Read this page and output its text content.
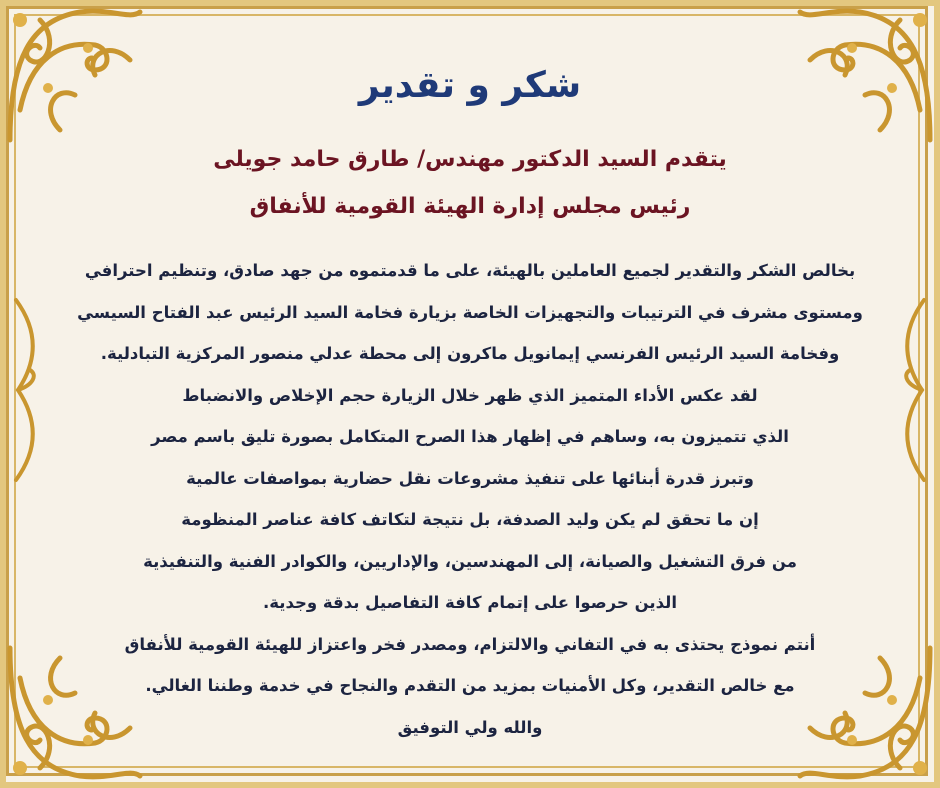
شكر و تقدير
يتقدم السيد الدكتور مهندس/ طارق حامد جويلى
رئيس مجلس إدارة الهيئة القومية للأنفاق
بخالص الشكر والتقدير لجميع العاملين بالهيئة، على ما قدمتموه من جهد صادق، وتنظيم احترافي
ومستوى مشرف في الترتيبات والتجهيزات الخاصة بزيارة فخامة السيد الرئيس عبد الفتاح السيسي
وفخامة السيد الرئيس الفرنسي إيمانويل ماكرون إلى محطة عدلي منصور المركزية التبادلية.
لقد عكس الأداء المتميز الذي ظهر خلال الزيارة حجم الإخلاص والانضباط
الذي تتميزون به، وساهم في إظهار هذا الصرح المتكامل بصورة تليق باسم مصر
وتبرز قدرة أبنائها على تنفيذ مشروعات نقل حضارية بمواصفات عالمية
إن ما تحقق لم يكن وليد الصدفة، بل نتيجة لتكاتف كافة عناصر المنظومة
من فرق التشغيل والصيانة، إلى المهندسين، والإداريين، والكوادر الفنية والتنفيذية
الذين حرصوا على إتمام كافة التفاصيل بدقة وجدية.
أنتم نموذج يحتذى به في التفاني والالتزام، ومصدر فخر واعتزاز للهيئة القومية للأنفاق
مع خالص التقدير، وكل الأمنيات بمزيد من التقدم والنجاح في خدمة وطننا الغالي.
والله ولي التوفيق
